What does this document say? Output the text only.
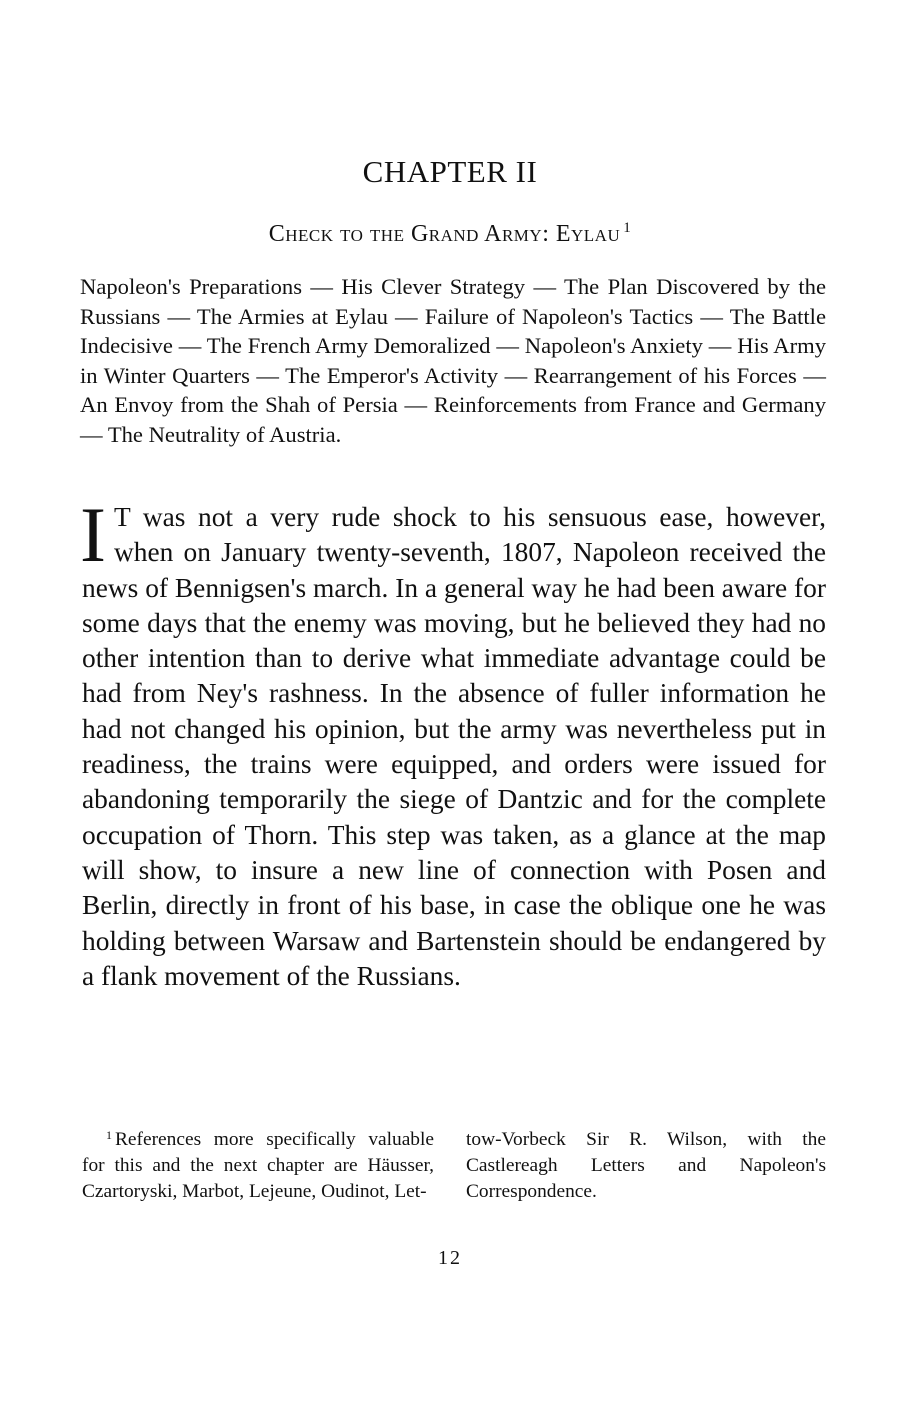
CHAPTER II
Check to the Grand Army: Eylau $^1$
Napoleon's Preparations — His Clever Strategy — The Plan Discovered by the Russians — The Armies at Eylau — Failure of Napoleon's Tactics — The Battle Indecisive — The French Army Demoralized — Napoleon's Anxiety — His Army in Winter Quarters — The Emperor's Activity — Rearrangement of his Forces — An Envoy from the Shah of Persia — Reinforcements from France and Germany — The Neutrality of Austria.
IT was not a very rude shock to his sensuous ease, however, when on January twenty-seventh, 1807, Napoleon received the news of Bennigsen's march. In a general way he had been aware for some days that the enemy was moving, but he believed they had no other intention than to derive what immediate advantage could be had from Ney's rashness. In the absence of fuller information he had not changed his opinion, but the army was nevertheless put in readiness, the trains were equipped, and orders were issued for abandoning temporarily the siege of Dantzic and for the complete occupation of Thorn. This step was taken, as a glance at the map will show, to insure a new line of connection with Posen and Berlin, directly in front of his base, in case the oblique one he was holding between Warsaw and Bartenstein should be endangered by a flank movement of the Russians.
$^1$ References more specifically valuable for this and the next chapter are Häusser, Czartoryski, Marbot, Lejeune, Oudinot, Let-
tow-Vorbeck Sir R. Wilson, with the Castlereagh Letters and Napoleon's Correspondence.
12
